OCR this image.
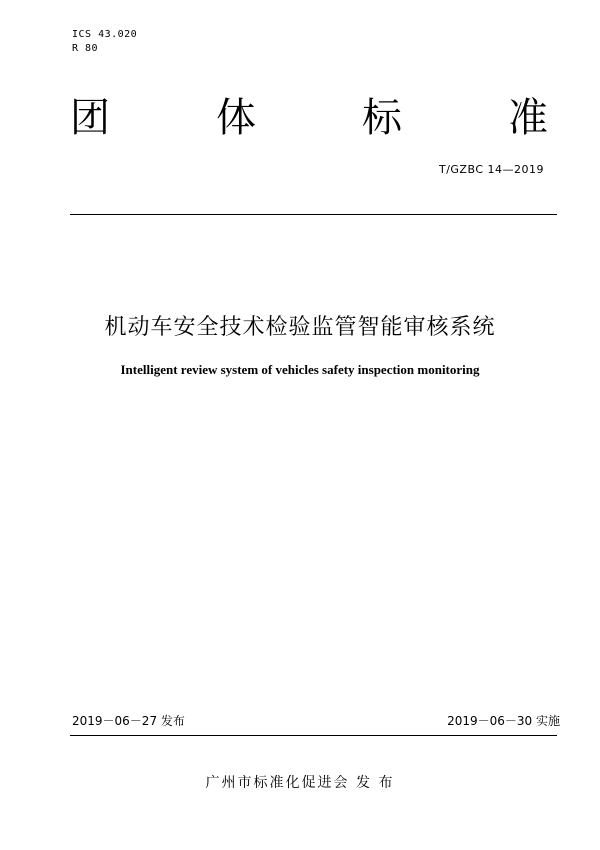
ICS 43.020
R 80
团	体	标	准
T/GZBC 14—2019
机动车安全技术检验监管智能审核系统
Intelligent review system of vehicles safety inspection monitoring
2019－06－27 发布	2019－06－30 实施
广州市标准化促进会 发 布
